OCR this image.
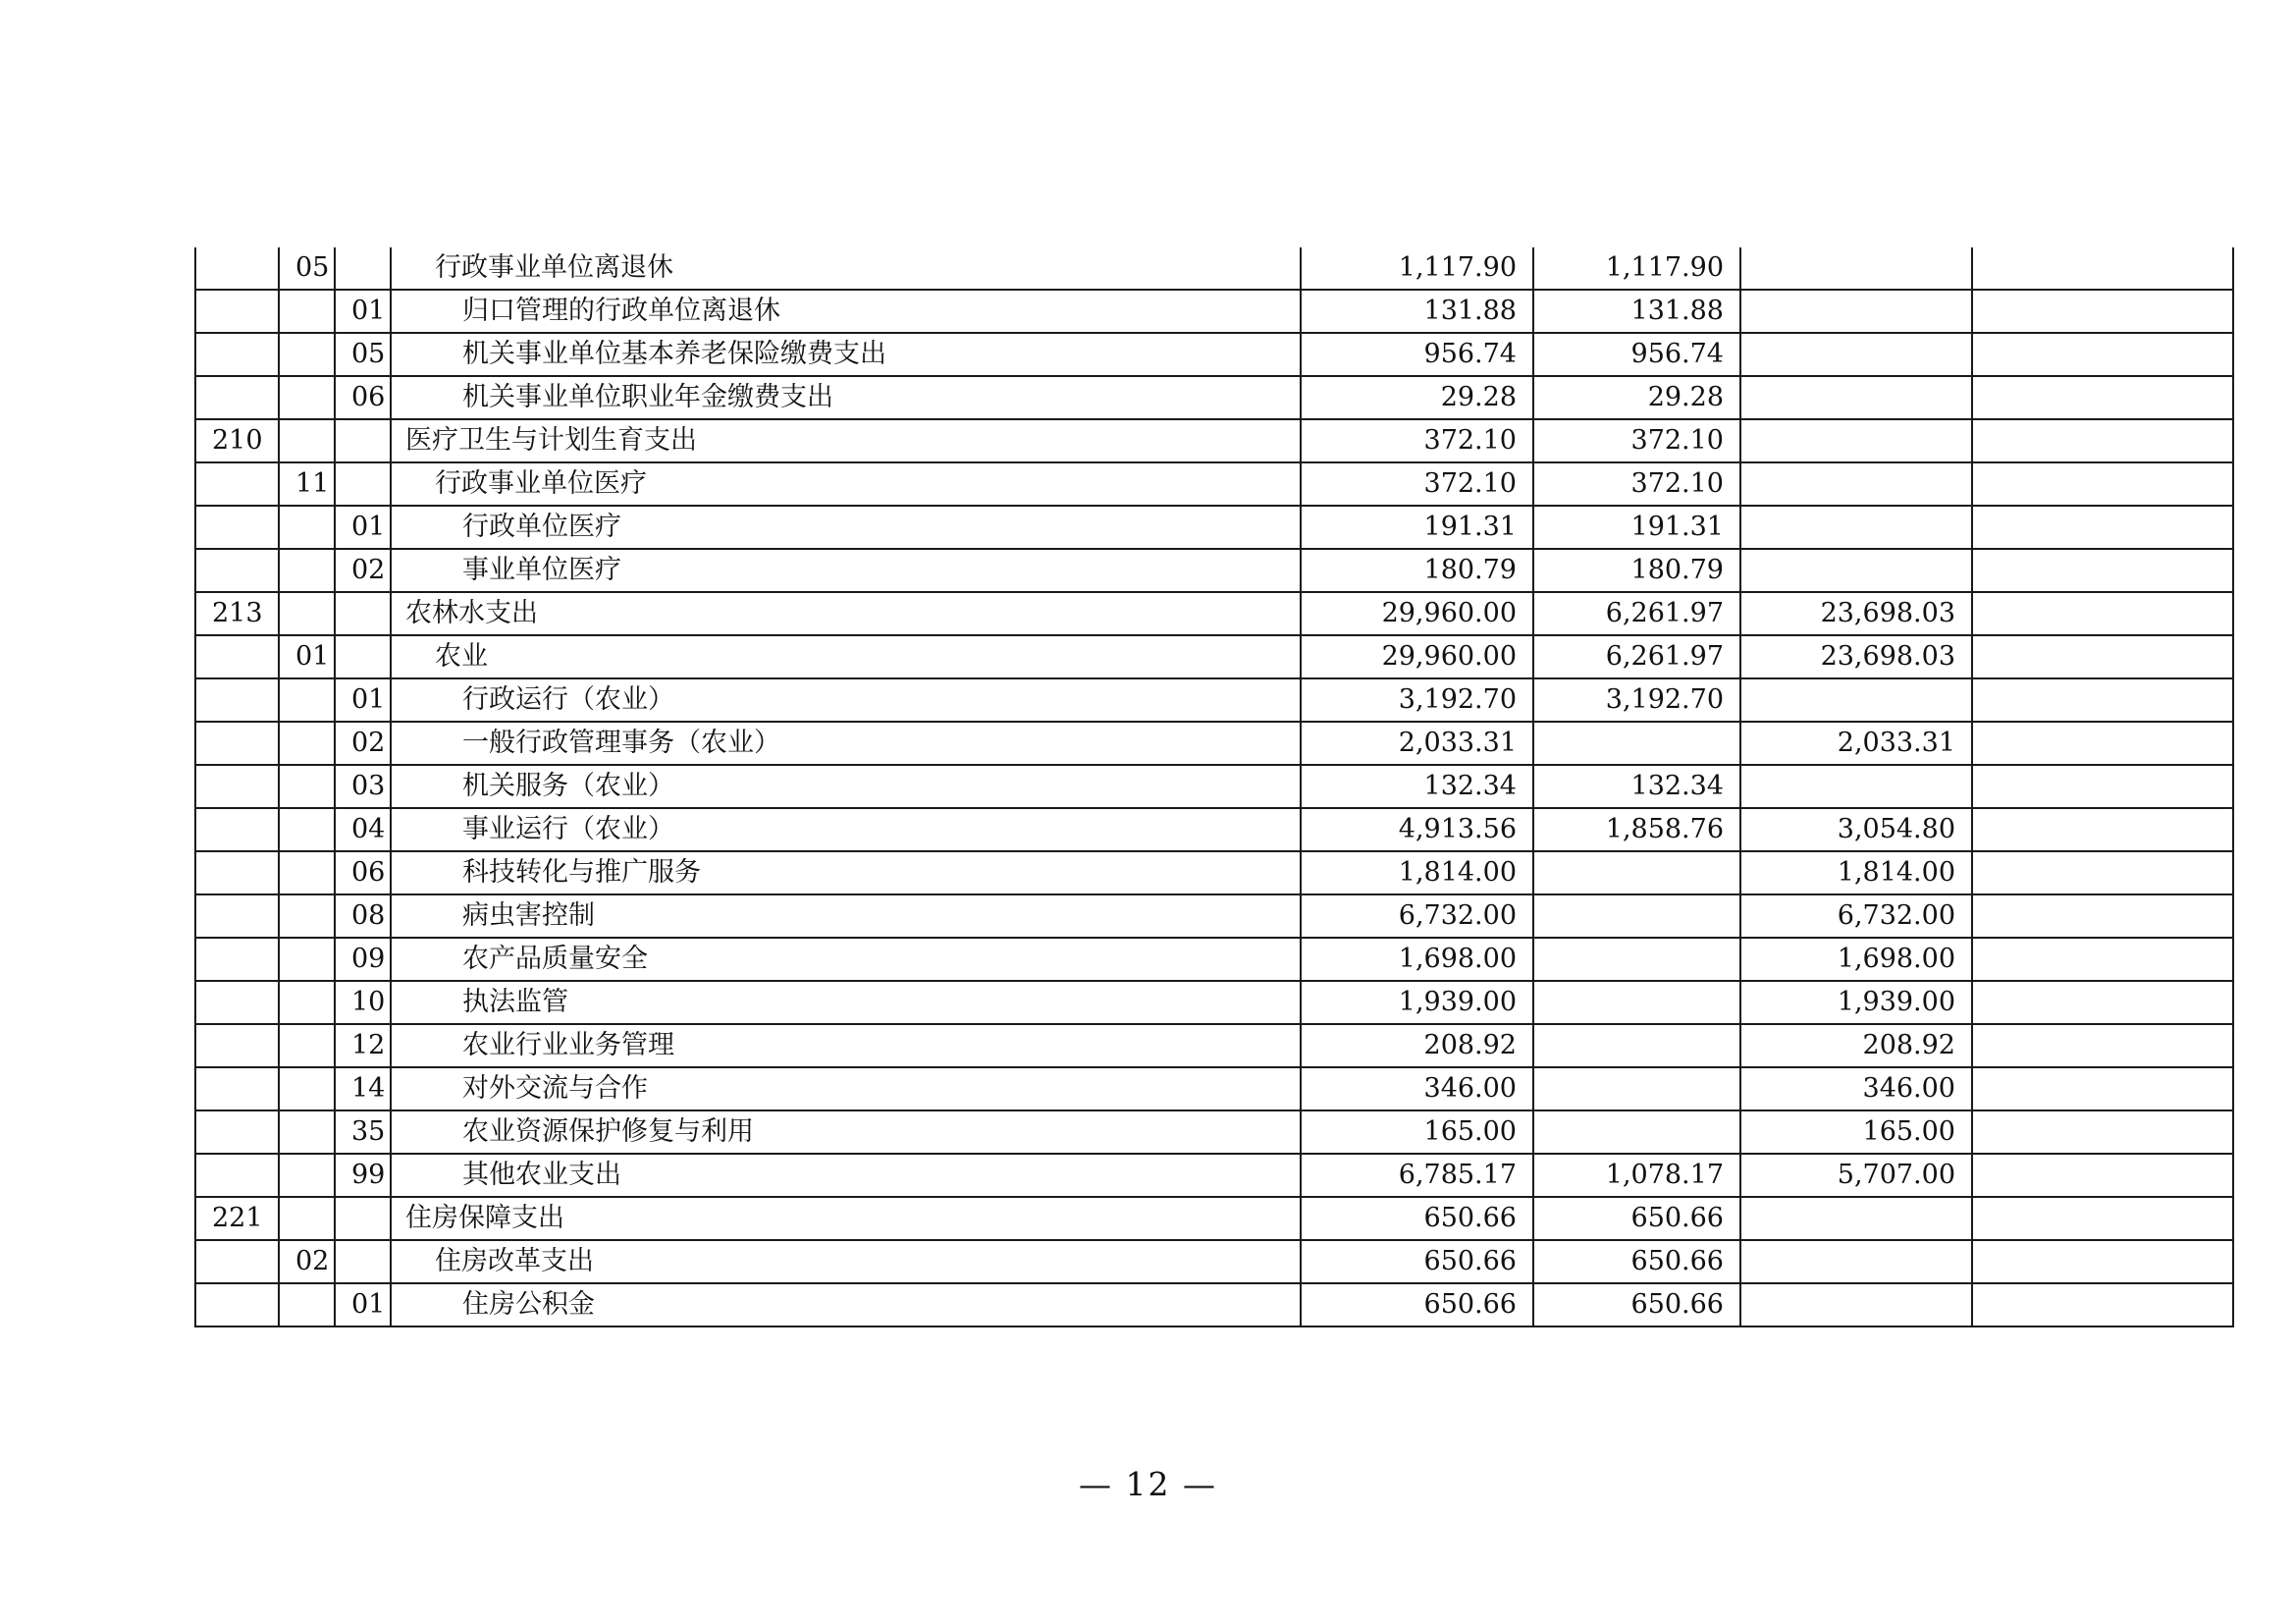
	05		行政事业单位离退休	1,117.90	1,117.90		
		01	归口管理的行政单位离退休	131.88	131.88		
		05	机关事业单位基本养老保险缴费支出	956.74	956.74		
		06	机关事业单位职业年金缴费支出	29.28	29.28		
210			医疗卫生与计划生育支出	372.10	372.10		
	11		行政事业单位医疗	372.10	372.10		
		01	行政单位医疗	191.31	191.31		
		02	事业单位医疗	180.79	180.79		
213			农林水支出	29,960.00	6,261.97	23,698.03	
	01		农业	29,960.00	6,261.97	23,698.03	
		01	行政运行（农业）	3,192.70	3,192.70		
		02	一般行政管理事务（农业）	2,033.31		2,033.31	
		03	机关服务（农业）	132.34	132.34		
		04	事业运行（农业）	4,913.56	1,858.76	3,054.80	
		06	科技转化与推广服务	1,814.00		1,814.00	
		08	病虫害控制	6,732.00		6,732.00	
		09	农产品质量安全	1,698.00		1,698.00	
		10	执法监管	1,939.00		1,939.00	
		12	农业行业业务管理	208.92		208.92	
		14	对外交流与合作	346.00		346.00	
		35	农业资源保护修复与利用	165.00		165.00	
		99	其他农业支出	6,785.17	1,078.17	5,707.00	
221			住房保障支出	650.66	650.66		
	02		住房改革支出	650.66	650.66		
		01	住房公积金	650.66	650.66		
— 12 —
